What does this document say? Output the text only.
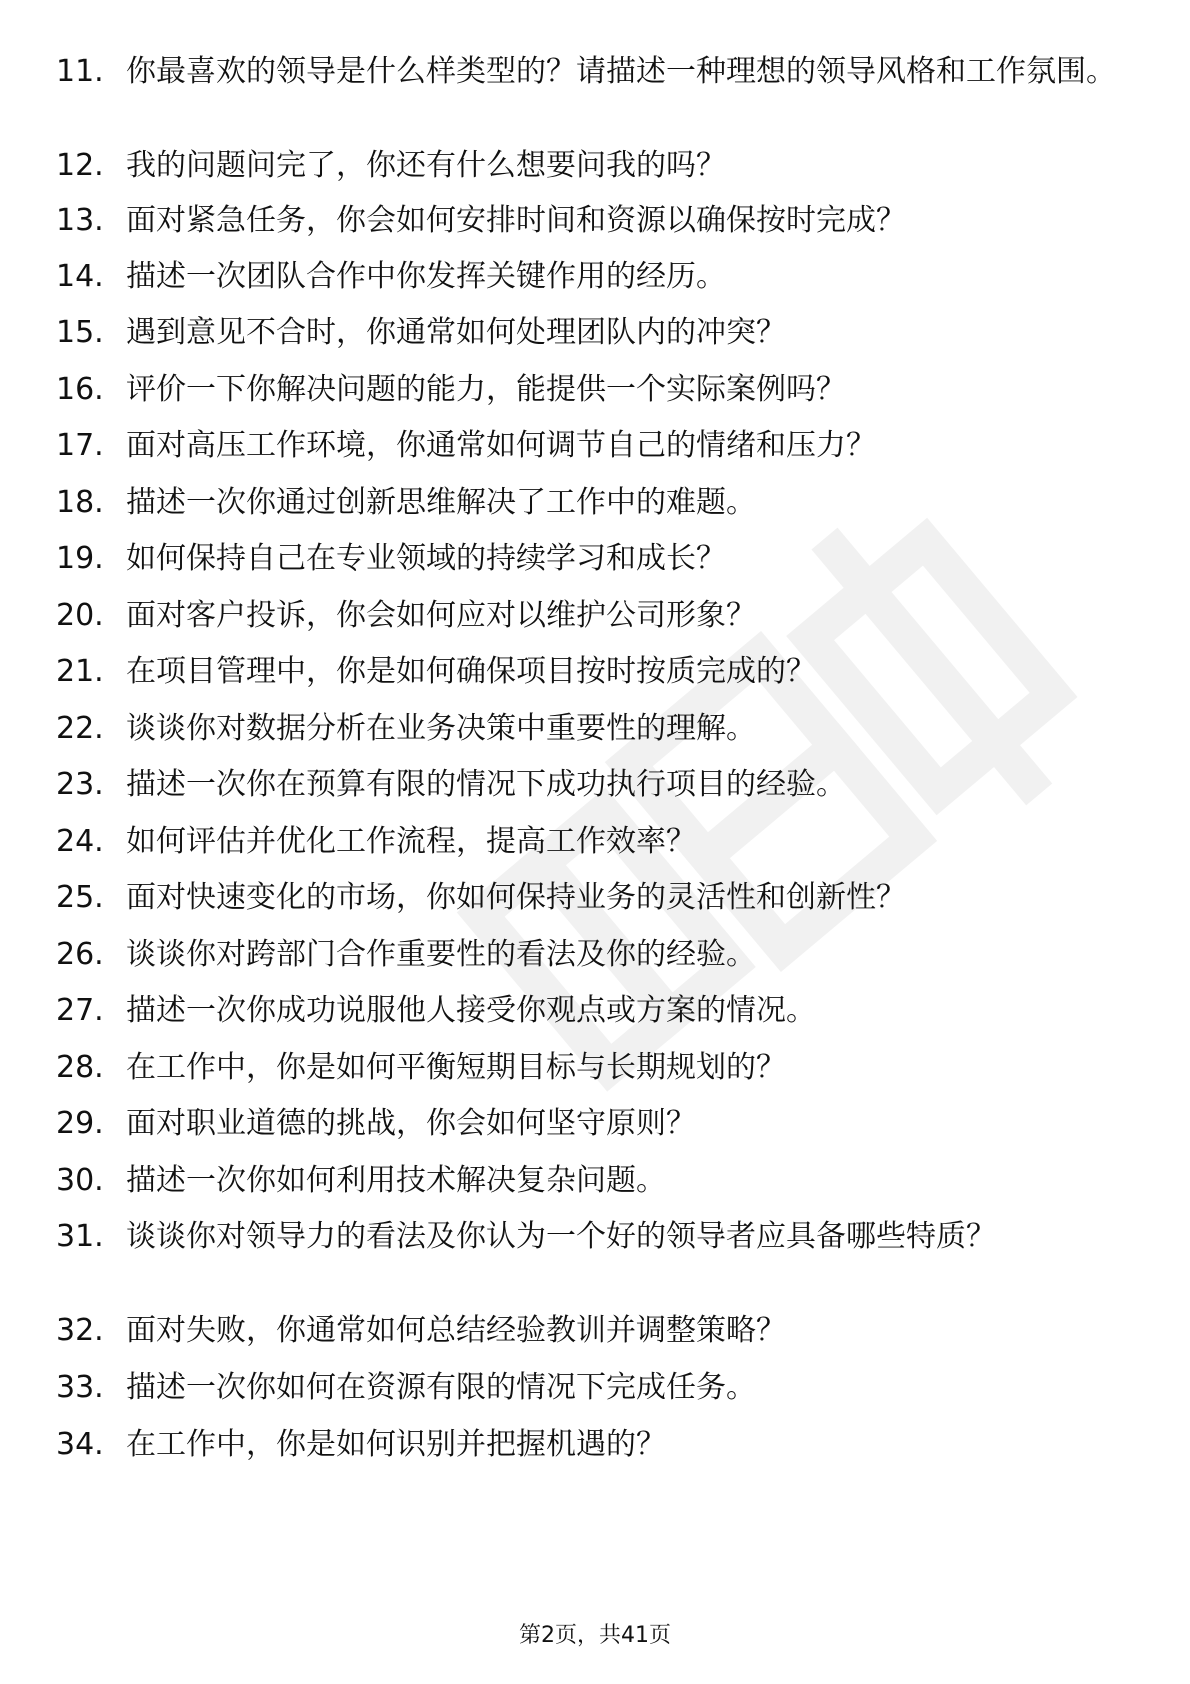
11. 你最喜欢的领导是什么样类型的？请描述一种理想的领导风格和工作氛围。
12. 我的问题问完了，你还有什么想要问我的吗？
13. 面对紧急任务，你会如何安排时间和资源以确保按时完成？
14. 描述一次团队合作中你发挥关键作用的经历。
15. 遇到意见不合时，你通常如何处理团队内的冲突？
16. 评价一下你解决问题的能力，能提供一个实际案例吗？
17. 面对高压工作环境，你通常如何调节自己的情绪和压力？
18. 描述一次你通过创新思维解决了工作中的难题。
19. 如何保持自己在专业领域的持续学习和成长？
20. 面对客户投诉，你会如何应对以维护公司形象？
21. 在项目管理中，你是如何确保项目按时按质完成的？
22. 谈谈你对数据分析在业务决策中重要性的理解。
23. 描述一次你在预算有限的情况下成功执行项目的经验。
24. 如何评估并优化工作流程，提高工作效率？
25. 面对快速变化的市场，你如何保持业务的灵活性和创新性？
26. 谈谈你对跨部门合作重要性的看法及你的经验。
27. 描述一次你成功说服他人接受你观点或方案的情况。
28. 在工作中，你是如何平衡短期目标与长期规划的？
29. 面对职业道德的挑战，你会如何坚守原则？
30. 描述一次你如何利用技术解决复杂问题。
31. 谈谈你对领导力的看法及你认为一个好的领导者应具备哪些特质？
32. 面对失败，你通常如何总结经验教训并调整策略？
33. 描述一次你如何在资源有限的情况下完成任务。
34. 在工作中，你是如何识别并把握机遇的？
第2页，共41页
